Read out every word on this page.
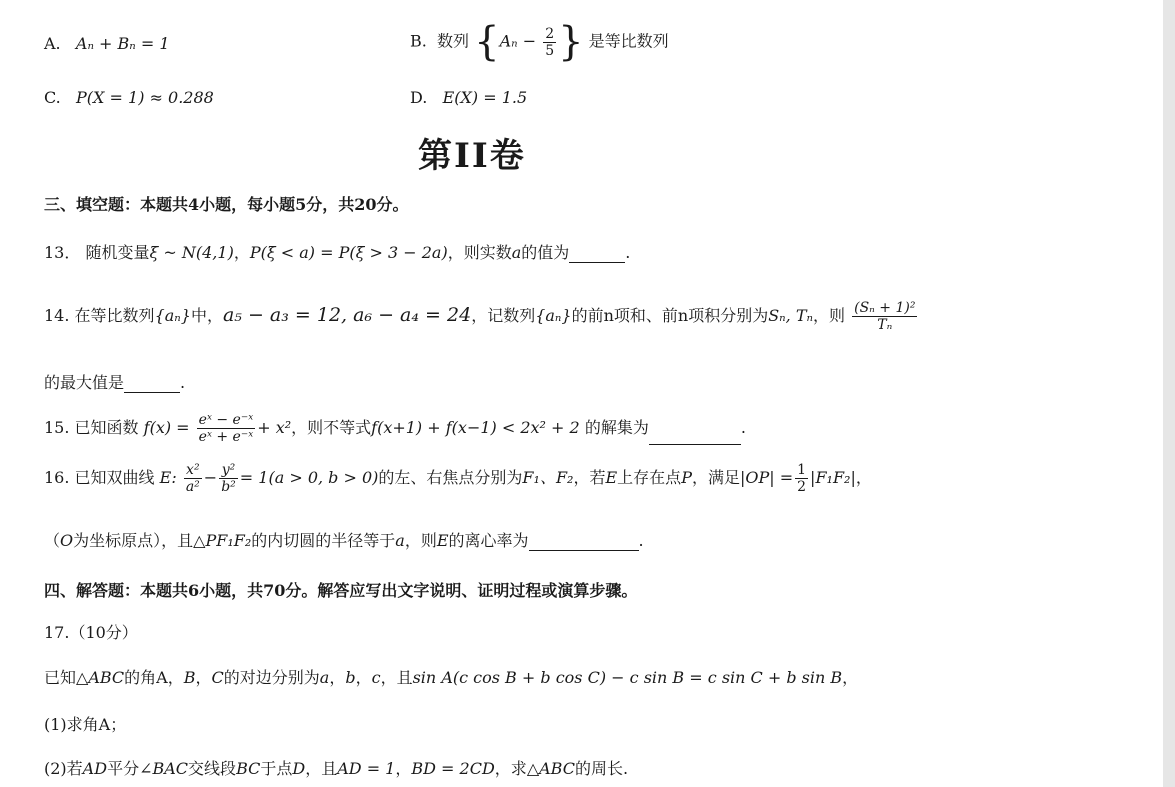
A. Aₙ + Bₙ = 1	B. 数列 {$A_n - \frac{2}{5}$ } 是等比数列
C. P(X = 1) ≈ 0.288	D. E(X) = 1.5
第II卷
三、填空题：本题共4小题，每小题5分，共20分。
13． 随机变量ξ ~ N(4,1)，P(ξ < a) = P(ξ > 3 − 2a)，则实数a的值为	.
14. 在等比数列{aₙ}中，a₅ − a₃ = 12, a₆ − a₄ = 24，记数列{aₙ}的前n项和、前n项积分别为Sₙ, Tₙ，则 $\frac{\text{(Sₙ + 1)²}}{\text{Tₙ}}$
的最大值是	.
15. 已知函数 $f(x) = \frac{\text{eˣ − e⁻ˣ}}{\text{eˣ + e⁻ˣ}} + x^2$，则不等式f(x+1) + f(x−1) < 2x² + 2 的解集为	.
16. 已知双曲线 E: $\frac{\text{x²}}{\text{a²}} - \frac{\text{y²}}{\text{b²}} = 1(a > 0$, b > 0)的左、右焦点分别为F₁、F₂，若E上存在点P，满足$|OP| = \frac{1}{2} |F_1F_2|$，
（O为坐标原点），且△PF₁F₂的内切圆的半径等于a，则E的离心率为	.
四、解答题：本题共6小题，共70分。解答应写出文字说明、证明过程或演算步骤。
17.（10分）
已知△ABC的角A，B，C的对边分别为a，b，c，且sin A(c cos B + b cos C) − c sin B = c sin C + b sin B，
(1)求角A；
(2)若AD平分∠BAC交线段BC于点D，且AD = 1，BD = 2CD，求△ABC的周长.
